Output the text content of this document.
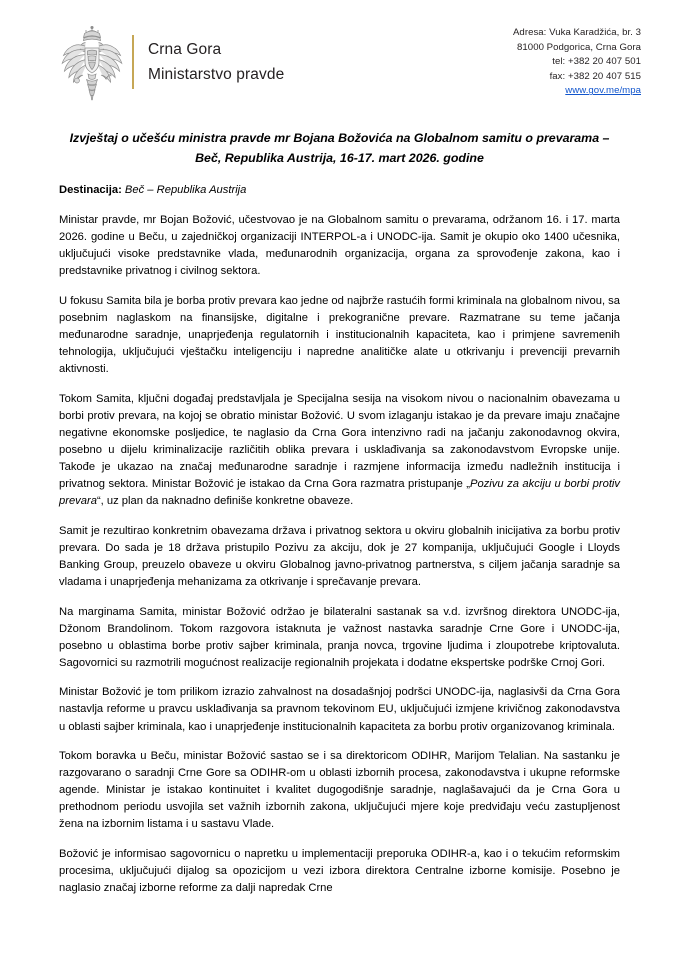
Crna Gora
Ministarstvo pravde
Adresa: Vuka Karadžića, br. 3
81000 Podgorica, Crna Gora
tel: +382 20 407 501
fax: +382 20 407 515
www.gov.me/mpa
Izvještaj o učešću ministra pravde mr Bojana Božovića na Globalnom samitu o prevarama – Beč, Republika Austrija, 16-17. mart 2026. godine
Destinacija: Beč – Republika Austrija

Ministar pravde, mr Bojan Božović, učestvovao je na Globalnom samitu o prevarama, održanom 16. i 17. marta 2026. godine u Beču, u zajedničkoj organizaciji INTERPOL-a i UNODC-ija. Samit je okupio oko 1400 učesnika, uključujući visoke predstavnike vlada, međunarodnih organizacija, organa za sprovođenje zakona, kao i predstavnike privatnog i civilnog sektora.

U fokusu Samita bila je borba protiv prevara kao jedne od najbrže rastućih formi kriminala na globalnom nivou, sa posebnim naglaskom na finansijske, digitalne i prekogranične prevare. Razmatrane su teme jačanja međunarodne saradnje, unaprjeđenja regulatornih i institucionalnih kapaciteta, kao i primjene savremenih tehnologija, uključujući vještačku inteligenciju i napredne analitičke alate u otkrivanju i prevenciji prevarnih aktivnosti.

Tokom Samita, ključni događaj predstavljala je Specijalna sesija na visokom nivou o nacionalnim obavezama u borbi protiv prevara, na kojoj se obratio ministar Božović. U svom izlaganju istakao je da prevare imaju značajne negativne ekonomske posljedice, te naglasio da Crna Gora intenzivno radi na jačanju zakonodavnog okvira, posebno u dijelu kriminalizacije različitih oblika prevara i usklađivanja sa zakonodavstvom Evropske unije. Takođe je ukazao na značaj međunarodne saradnje i razmjene informacija između nadležnih institucija i privatnog sektora. Ministar Božović je istakao da Crna Gora razmatra pristupanje „Pozivu za akciju u borbi protiv prevara“, uz plan da naknadno definiše konkretne obaveze.

Samit je rezultirao konkretnim obavezama država i privatnog sektora u okviru globalnih inicijativa za borbu protiv prevara. Do sada je 18 država pristupilo Pozivu za akciju, dok je 27 kompanija, uključujući Google i Lloyds Banking Group, preuzelo obaveze u okviru Globalnog javno-privatnog partnerstva, s ciljem jačanja saradnje sa vladama i unaprjeđenja mehanizama za otkrivanje i sprečavanje prevara.

Na marginama Samita, ministar Božović održao je bilateralni sastanak sa v.d. izvršnog direktora UNODC-ija, Džonom Brandolinom. Tokom razgovora istaknuta je važnost nastavka saradnje Crne Gore i UNODC-ija, posebno u oblastima borbe protiv sajber kriminala, pranja novca, trgovine ljudima i zloupotrebe kriptovaluta. Sagovornici su razmotrili mogućnost realizacije regionalnih projekata i dodatne ekspertske podrške Crnoj Gori.

Ministar Božović je tom prilikom izrazio zahvalnost na dosadašnjoj podršci UNODC-ija, naglasivši da Crna Gora nastavlja reforme u pravcu usklađivanja sa pravnom tekovinom EU, uključujući izmjene krivičnog zakonodavstva u oblasti sajber kriminala, kao i unaprjeđenje institucionalnih kapaciteta za borbu protiv organizovanog kriminala.

Tokom boravka u Beču, ministar Božović sastao se i sa direktoricom ODIHR, Marijom Telalian. Na sastanku je razgovarano o saradnji Crne Gore sa ODIHR-om u oblasti izbornih procesa, zakonodavstva i ukupne reformske agende. Ministar je istakao kontinuitet i kvalitet dugogodišnje saradnje, naglašavajući da je Crna Gora u prethodnom periodu usvojila set važnih izbornih zakona, uključujući mjere koje predviđaju veću zastupljenost žena na izbornim listama i u sastavu Vlade.

Božović je informisao sagovornicu o napretku u implementaciji preporuka ODIHR-a, kao i o tekućim reformskim procesima, uključujući dijalog sa opozicijom u vezi izbora direktora Centralne izborne komisije. Posebno je naglasio značaj izborne reforme za dalji napredak Crne
